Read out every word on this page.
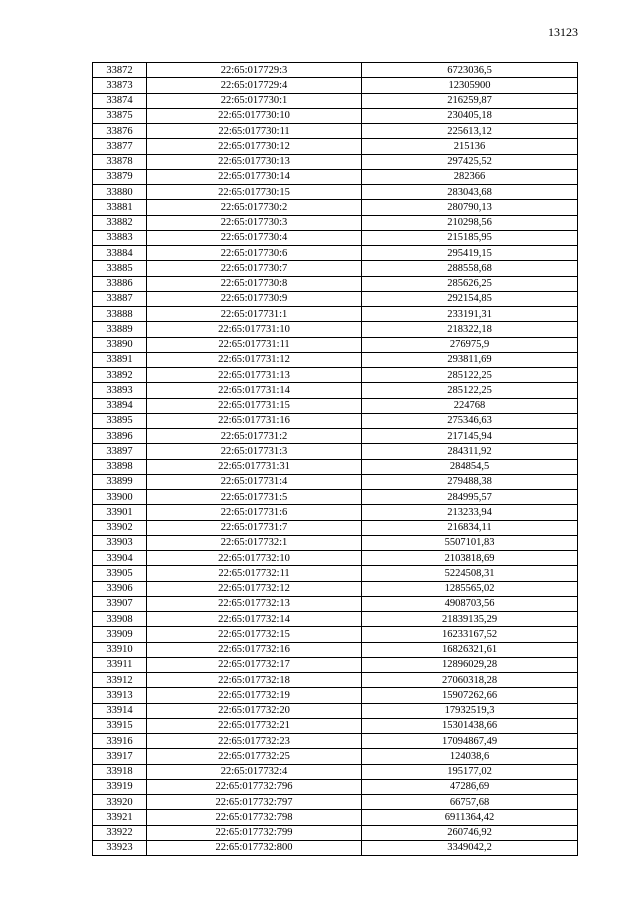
13123
33872	22:65:017729:3	6723036,5
33873	22:65:017729:4	12305900
33874	22:65:017730:1	216259,87
33875	22:65:017730:10	230405,18
33876	22:65:017730:11	225613,12
33877	22:65:017730:12	215136
33878	22:65:017730:13	297425,52
33879	22:65:017730:14	282366
33880	22:65:017730:15	283043,68
33881	22:65:017730:2	280790,13
33882	22:65:017730:3	210298,56
33883	22:65:017730:4	215185,95
33884	22:65:017730:6	295419,15
33885	22:65:017730:7	288558,68
33886	22:65:017730:8	285626,25
33887	22:65:017730:9	292154,85
33888	22:65:017731:1	233191,31
33889	22:65:017731:10	218322,18
33890	22:65:017731:11	276975,9
33891	22:65:017731:12	293811,69
33892	22:65:017731:13	285122,25
33893	22:65:017731:14	285122,25
33894	22:65:017731:15	224768
33895	22:65:017731:16	275346,63
33896	22:65:017731:2	217145,94
33897	22:65:017731:3	284311,92
33898	22:65:017731:31	284854,5
33899	22:65:017731:4	279488,38
33900	22:65:017731:5	284995,57
33901	22:65:017731:6	213233,94
33902	22:65:017731:7	216834,11
33903	22:65:017732:1	5507101,83
33904	22:65:017732:10	2103818,69
33905	22:65:017732:11	5224508,31
33906	22:65:017732:12	1285565,02
33907	22:65:017732:13	4908703,56
33908	22:65:017732:14	21839135,29
33909	22:65:017732:15	16233167,52
33910	22:65:017732:16	16826321,61
33911	22:65:017732:17	12896029,28
33912	22:65:017732:18	27060318,28
33913	22:65:017732:19	15907262,66
33914	22:65:017732:20	17932519,3
33915	22:65:017732:21	15301438,66
33916	22:65:017732:23	17094867,49
33917	22:65:017732:25	124038,6
33918	22:65:017732:4	195177,02
33919	22:65:017732:796	47286,69
33920	22:65:017732:797	66757,68
33921	22:65:017732:798	6911364,42
33922	22:65:017732:799	260746,92
33923	22:65:017732:800	3349042,2
